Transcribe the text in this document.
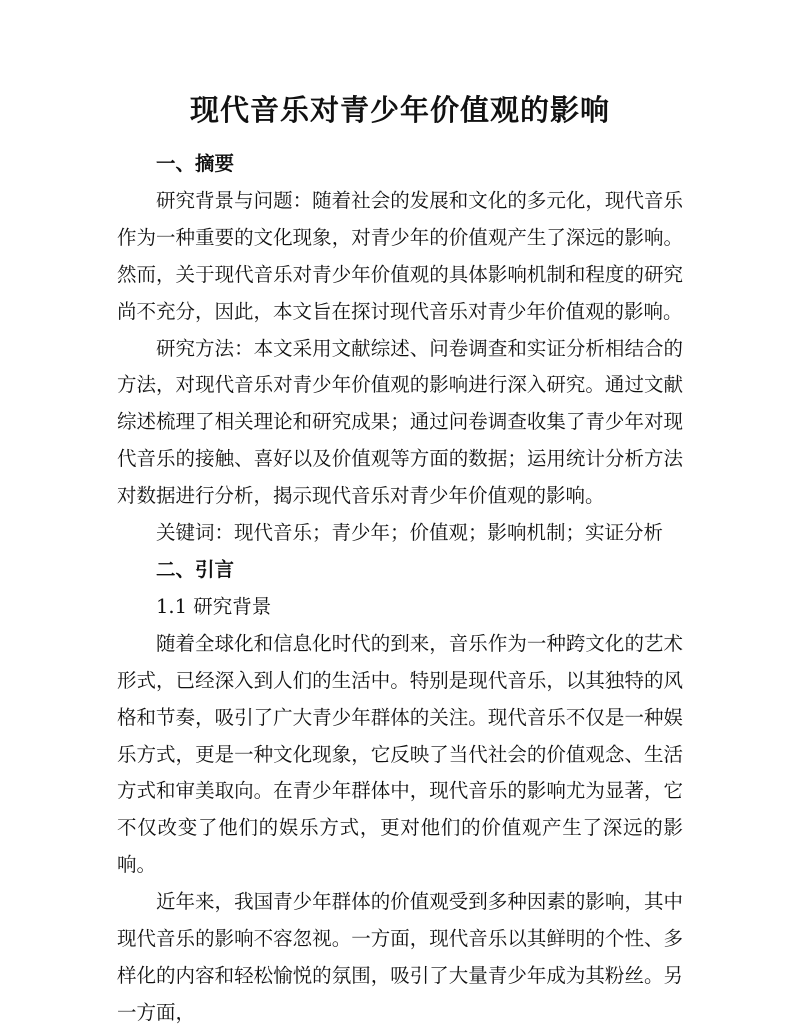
现代音乐对青少年价值观的影响

一、摘要

研究背景与问题：随着社会的发展和文化的多元化，现代音乐作为一种重要的文化现象，对青少年的价值观产生了深远的影响。然而，关于现代音乐对青少年价值观的具体影响机制和程度的研究尚不充分，因此，本文旨在探讨现代音乐对青少年价值观的影响。

研究方法：本文采用文献综述、问卷调查和实证分析相结合的方法，对现代音乐对青少年价值观的影响进行深入研究。通过文献综述梳理了相关理论和研究成果；通过问卷调查收集了青少年对现代音乐的接触、喜好以及价值观等方面的数据；运用统计分析方法对数据进行分析，揭示现代音乐对青少年价值观的影响。

关键词：现代音乐；青少年；价值观；影响机制；实证分析

二、引言

1.1 研究背景

随着全球化和信息化时代的到来，音乐作为一种跨文化的艺术形式，已经深入到人们的生活中。特别是现代音乐，以其独特的风格和节奏，吸引了广大青少年群体的关注。现代音乐不仅是一种娱乐方式，更是一种文化现象，它反映了当代社会的价值观念、生活方式和审美取向。在青少年群体中，现代音乐的影响尤为显著，它不仅改变了他们的娱乐方式，更对他们的价值观产生了深远的影响。

近年来，我国青少年群体的价值观受到多种因素的影响，其中现代音乐的影响不容忽视。一方面，现代音乐以其鲜明的个性、多样化的内容和轻松愉悦的氛围，吸引了大量青少年成为其粉丝。另一方面，
